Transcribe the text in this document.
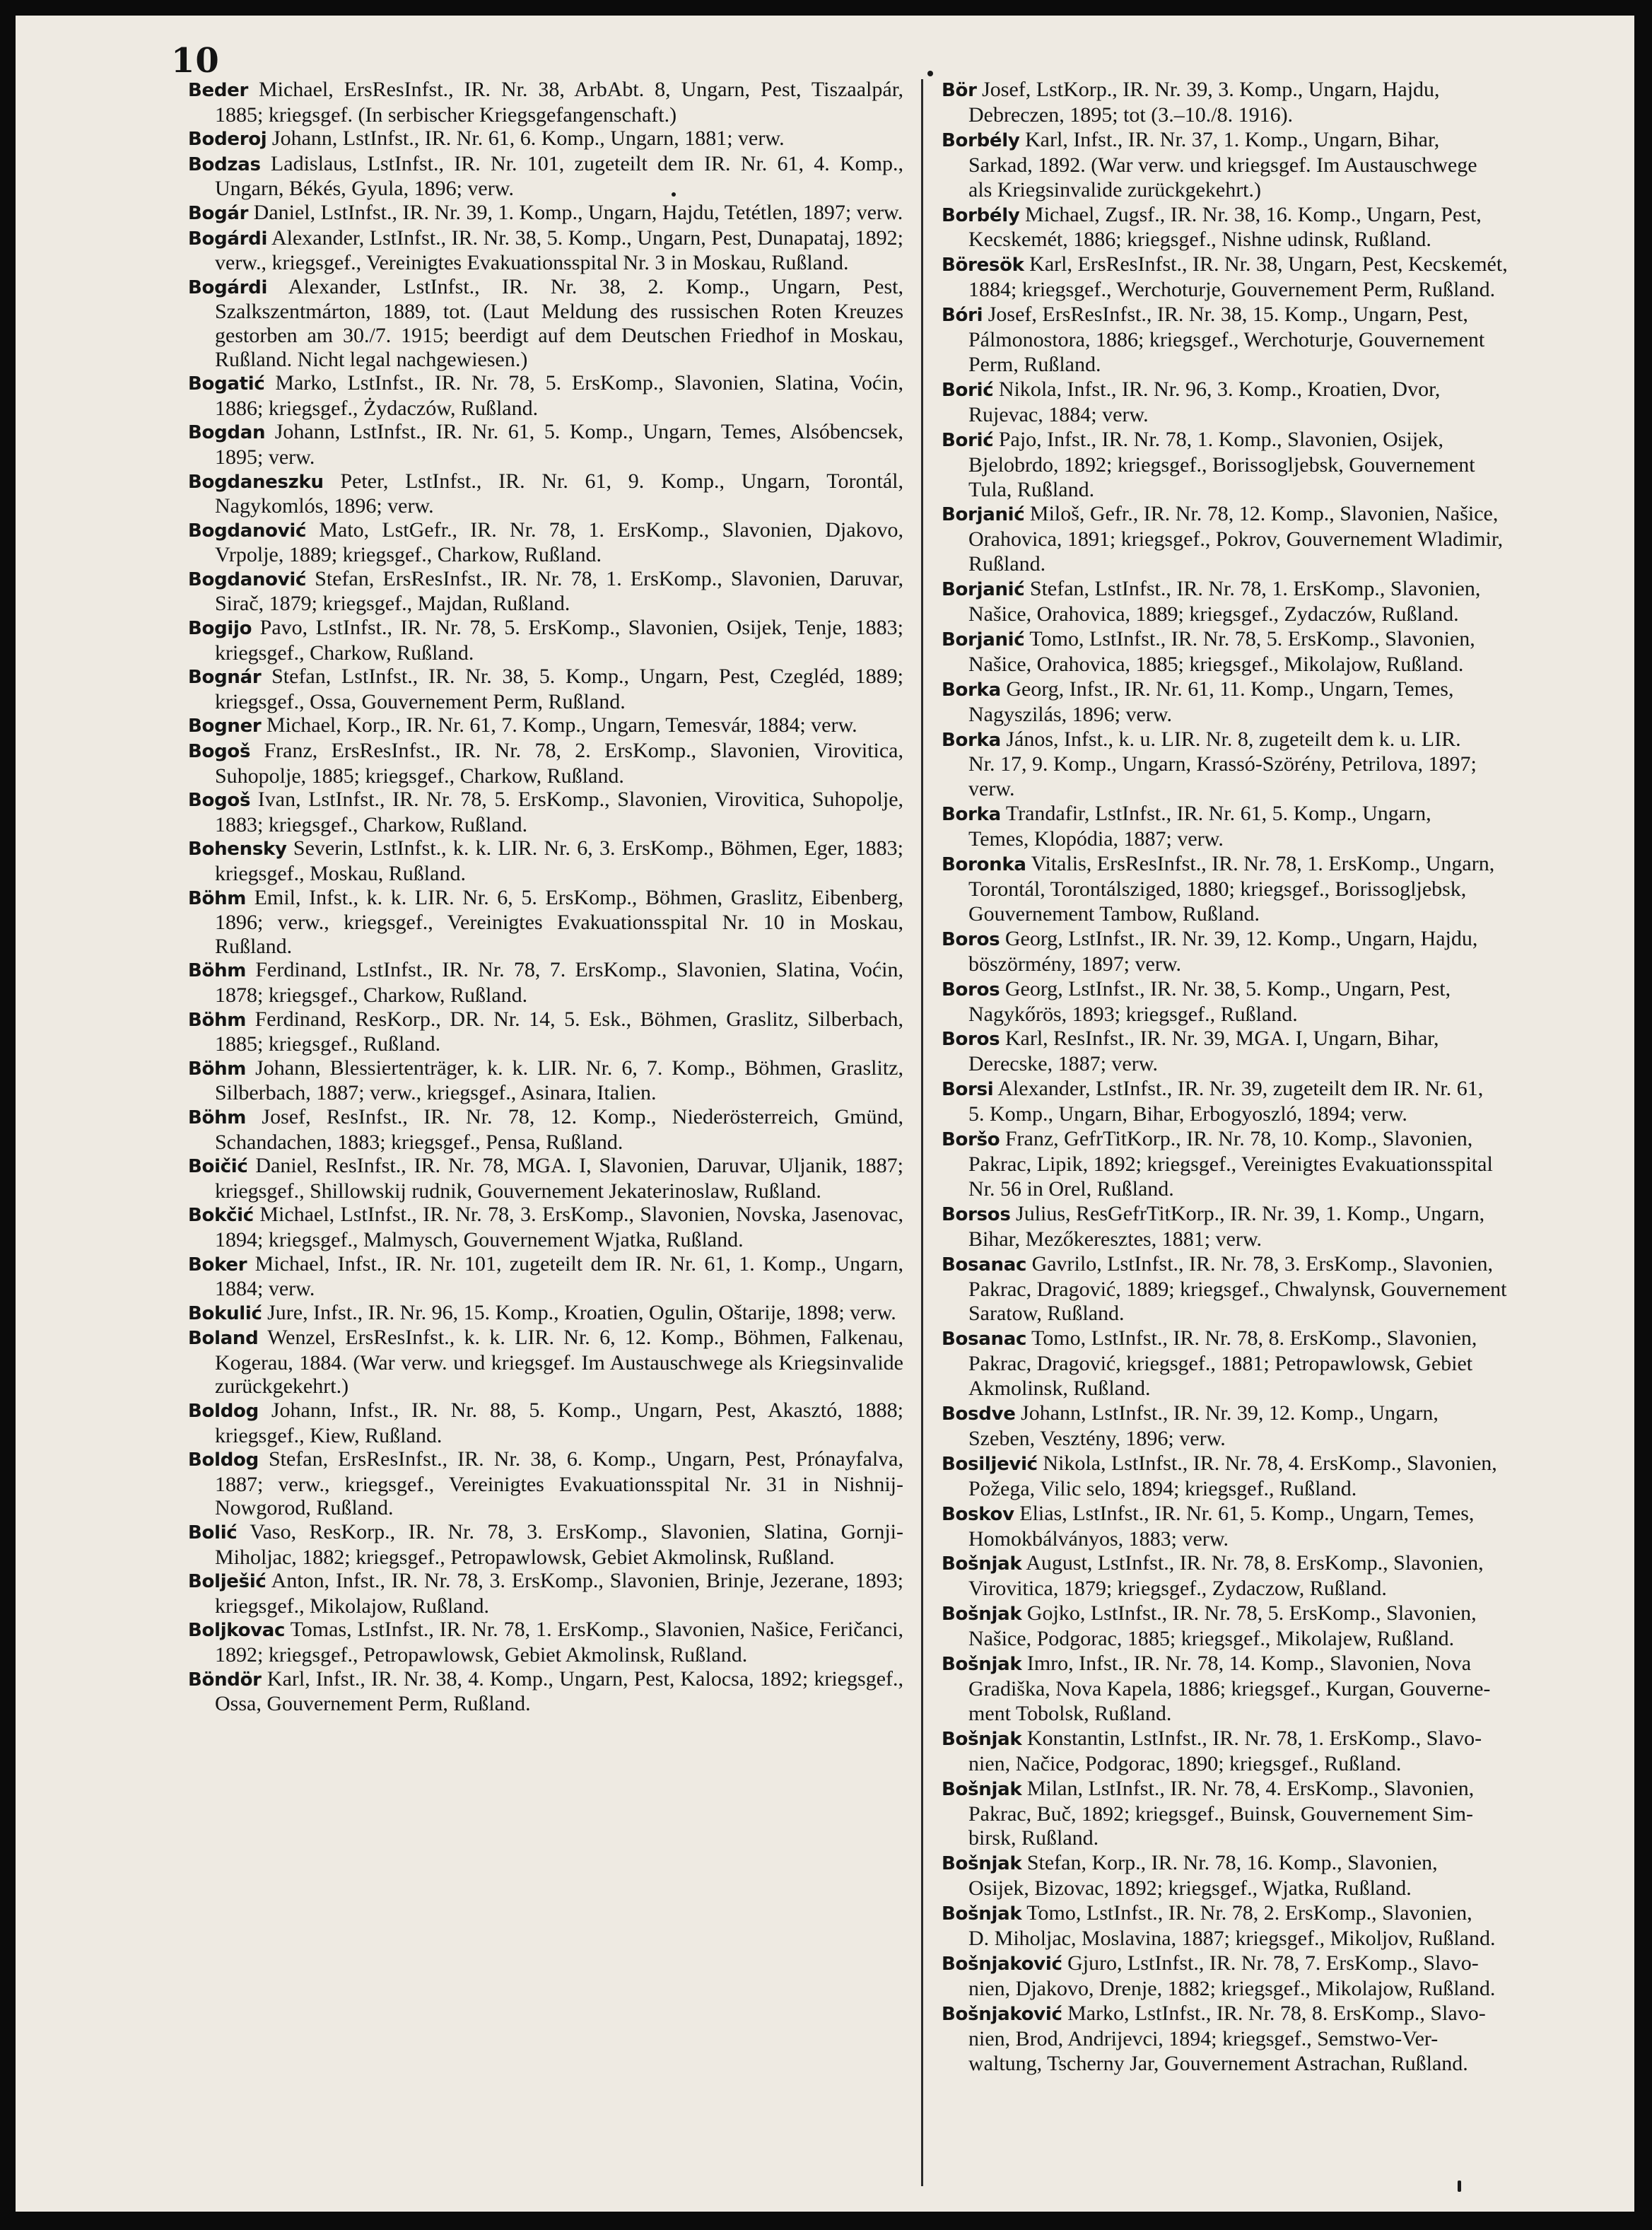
10

Beder Michael, ErsResInfst., IR. Nr. 38, ArbAbt. 8, Ungarn, Pest, Tiszaalpár, 1885; kriegsgef. (In serbischer Kriegsgefangenschaft.)

Boderoj Johann, LstInfst., IR. Nr. 61, 6. Komp., Ungarn, 1881; verw.

Bodzas Ladislaus, LstInfst., IR. Nr. 101, zugeteilt dem IR. Nr. 61, 4. Komp., Ungarn, Békés, Gyula, 1896; verw.

Bogár Daniel, LstInfst., IR. Nr. 39, 1. Komp., Ungarn, Hajdu, Tetétlen, 1897; verw.

Bogárdi Alexander, LstInfst., IR. Nr. 38, 5. Komp., Ungarn, Pest, Dunapataj, 1892; verw., kriegsgef., Vereinigtes Evakuationsspital Nr. 3 in Moskau, Rußland.

Bogárdi Alexander, LstInfst., IR. Nr. 38, 2. Komp., Ungarn, Pest, Szalkszentmárton, 1889, tot. (Laut Meldung des russischen Roten Kreuzes gestorben am 30./7. 1915; beerdigt auf dem Deutschen Friedhof in Moskau, Rußland. Nicht legal nachgewiesen.)

Bogatić Marko, LstInfst., IR. Nr. 78, 5. ErsKomp., Slavonien, Slatina, Voćin, 1886; kriegsgef., Żydaczów, Rußland.

Bogdan Johann, LstInfst., IR. Nr. 61, 5. Komp., Ungarn, Temes, Alsóbencsek, 1895; verw.

Bogdaneszku Peter, LstInfst., IR. Nr. 61, 9. Komp., Ungarn, Torontál, Nagykomlós, 1896; verw.

Bogdanović Mato, LstGefr., IR. Nr. 78, 1. ErsKomp., Slavonien, Djakovo, Vrpolje, 1889; kriegsgef., Charkow, Rußland.

Bogdanović Stefan, ErsResInfst., IR. Nr. 78, 1. ErsKomp., Slavonien, Daruvar, Sirač, 1879; kriegsgef., Majdan, Rußland.

Bogijo Pavo, LstInfst., IR. Nr. 78, 5. ErsKomp., Slavonien, Osijek, Tenje, 1883; kriegsgef., Charkow, Rußland.

Bognár Stefan, LstInfst., IR. Nr. 38, 5. Komp., Ungarn, Pest, Czegléd, 1889; kriegsgef., Ossa, Gouvernement Perm, Rußland.

Bogner Michael, Korp., IR. Nr. 61, 7. Komp., Ungarn, Temesvár, 1884; verw.

Bogoš Franz, ErsResInfst., IR. Nr. 78, 2. ErsKomp., Slavonien, Virovitica, Suhopolje, 1885; kriegsgef., Charkow, Rußland.

Bogoš Ivan, LstInfst., IR. Nr. 78, 5. ErsKomp., Slavonien, Virovitica, Suhopolje, 1883; kriegsgef., Charkow, Rußland.

Bohensky Severin, LstInfst., k. k. LIR. Nr. 6, 3. ErsKomp., Böhmen, Eger, 1883; kriegsgef., Moskau, Rußland.

Böhm Emil, Infst., k. k. LIR. Nr. 6, 5. ErsKomp., Böhmen, Graslitz, Eibenberg, 1896; verw., kriegsgef., Vereinigtes Evakuationsspital Nr. 10 in Moskau, Rußland.

Böhm Ferdinand, LstInfst., IR. Nr. 78, 7. ErsKomp., Slavonien, Slatina, Voćin, 1878; kriegsgef., Charkow, Rußland.

Böhm Ferdinand, ResKorp., DR. Nr. 14, 5. Esk., Böhmen, Graslitz, Silberbach, 1885; kriegsgef., Rußland.

Böhm Johann, Blessiertenträger, k. k. LIR. Nr. 6, 7. Komp., Böhmen, Graslitz, Silberbach, 1887; verw., kriegsgef., Asinara, Italien.

Böhm Josef, ResInfst., IR. Nr. 78, 12. Komp., Niederösterreich, Gmünd, Schandachen, 1883; kriegsgef., Pensa, Rußland.

Boičić Daniel, ResInfst., IR. Nr. 78, MGA. I, Slavonien, Daruvar, Uljanik, 1887; kriegsgef., Shillowskij rudnik, Gouvernement Jekaterinoslaw, Rußland.

Bokčić Michael, LstInfst., IR. Nr. 78, 3. ErsKomp., Slavonien, Novska, Jasenovac, 1894; kriegsgef., Malmysch, Gouvernement Wjatka, Rußland.

Boker Michael, Infst., IR. Nr. 101, zugeteilt dem IR. Nr. 61, 1. Komp., Ungarn, 1884; verw.

Bokulić Jure, Infst., IR. Nr. 96, 15. Komp., Kroatien, Ogulin, Oštarije, 1898; verw.

Boland Wenzel, ErsResInfst., k. k. LIR. Nr. 6, 12. Komp., Böhmen, Falkenau, Kogerau, 1884. (War verw. und kriegsgef. Im Austauschwege als Kriegsinvalide zurückgekehrt.)

Boldog Johann, Infst., IR. Nr. 88, 5. Komp., Ungarn, Pest, Akasztó, 1888; kriegsgef., Kiew, Rußland.

Boldog Stefan, ErsResInfst., IR. Nr. 38, 6. Komp., Ungarn, Pest, Prónayfalva, 1887; verw., kriegsgef., Vereinigtes Evakuationsspital Nr. 31 in Nishnij-Nowgorod, Rußland.

Bolić Vaso, ResKorp., IR. Nr. 78, 3. ErsKomp., Slavonien, Slatina, Gornji-Miholjac, 1882; kriegsgef., Petropawlowsk, Gebiet Akmolinsk, Rußland.

Bolješić Anton, Infst., IR. Nr. 78, 3. ErsKomp., Slavonien, Brinje, Jezerane, 1893; kriegsgef., Mikolajow, Rußland.

Boljkovac Tomas, LstInfst., IR. Nr. 78, 1. ErsKomp., Slavonien, Našice, Feričanci, 1892; kriegsgef., Petropawlowsk, Gebiet Akmolinsk, Rußland.

Böndör Karl, Infst., IR. Nr. 38, 4. Komp., Ungarn, Pest, Kalocsa, 1892; kriegsgef., Ossa, Gouvernement Perm, Rußland.

Bör Josef, LstKorp., IR. Nr. 39, 3. Komp., Ungarn, Hajdu,

Debreczen, 1895; tot (3.–10./8. 1916).

Borbély Karl, Infst., IR. Nr. 37, 1. Komp., Ungarn, Bihar,

Sarkad, 1892. (War verw. und kriegsgef. Im Austauschwege

als Kriegsinvalide zurückgekehrt.)

Borbély Michael, Zugsf., IR. Nr. 38, 16. Komp., Ungarn, Pest,

Kecskemét, 1886; kriegsgef., Nishne udinsk, Rußland.

Böresök Karl, ErsResInfst., IR. Nr. 38, Ungarn, Pest, Kecskemét,

1884; kriegsgef., Werchoturje, Gouvernement Perm, Rußland.

Bóri Josef, ErsResInfst., IR. Nr. 38, 15. Komp., Ungarn, Pest,

Pálmonostora, 1886; kriegsgef., Werchoturje, Gouvernement

Perm, Rußland.

Borić Nikola, Infst., IR. Nr. 96, 3. Komp., Kroatien, Dvor,

Rujevac, 1884; verw.

Borić Pajo, Infst., IR. Nr. 78, 1. Komp., Slavonien, Osijek,

Bjelobrdo, 1892; kriegsgef., Borissogljebsk, Gouvernement

Tula, Rußland.

Borjanić Miloš, Gefr., IR. Nr. 78, 12. Komp., Slavonien, Našice,

Orahovica, 1891; kriegsgef., Pokrov, Gouvernement Wladimir,

Rußland.

Borjanić Stefan, LstInfst., IR. Nr. 78, 1. ErsKomp., Slavonien,

Našice, Orahovica, 1889; kriegsgef., Zydaczów, Rußland.

Borjanić Tomo, LstInfst., IR. Nr. 78, 5. ErsKomp., Slavonien,

Našice, Orahovica, 1885; kriegsgef., Mikolajow, Rußland.

Borka Georg, Infst., IR. Nr. 61, 11. Komp., Ungarn, Temes,

Nagyszilás, 1896; verw.

Borka János, Infst., k. u. LIR. Nr. 8, zugeteilt dem k. u. LIR.

Nr. 17, 9. Komp., Ungarn, Krassó-Szörény, Petrilova, 1897;

verw.

Borka Trandafir, LstInfst., IR. Nr. 61, 5. Komp., Ungarn,

Temes, Klopódia, 1887; verw.

Boronka Vitalis, ErsResInfst., IR. Nr. 78, 1. ErsKomp., Ungarn,

Torontál, Torontálsziged, 1880; kriegsgef., Borissogljebsk,

Gouvernement Tambow, Rußland.

Boros Georg, LstInfst., IR. Nr. 39, 12. Komp., Ungarn, Hajdu,

böszörmény, 1897; verw.

Boros Georg, LstInfst., IR. Nr. 38, 5. Komp., Ungarn, Pest,

Nagykőrös, 1893; kriegsgef., Rußland.

Boros Karl, ResInfst., IR. Nr. 39, MGA. I, Ungarn, Bihar,

Derecske, 1887; verw.

Borsi Alexander, LstInfst., IR. Nr. 39, zugeteilt dem IR. Nr. 61,

5. Komp., Ungarn, Bihar, Erbogyoszló, 1894; verw.

Boršo Franz, GefrTitKorp., IR. Nr. 78, 10. Komp., Slavonien,

Pakrac, Lipik, 1892; kriegsgef., Vereinigtes Evakuationsspital

Nr. 56 in Orel, Rußland.

Borsos Julius, ResGefrTitKorp., IR. Nr. 39, 1. Komp., Ungarn,

Bihar, Mezőkeresztes, 1881; verw.

Bosanac Gavrilo, LstInfst., IR. Nr. 78, 3. ErsKomp., Slavonien,

Pakrac, Dragović, 1889; kriegsgef., Chwalynsk, Gouvernement

Saratow, Rußland.

Bosanac Tomo, LstInfst., IR. Nr. 78, 8. ErsKomp., Slavonien,

Pakrac, Dragović, kriegsgef., 1881; Petropawlowsk, Gebiet

Akmolinsk, Rußland.

Bosdve Johann, LstInfst., IR. Nr. 39, 12. Komp., Ungarn,

Szeben, Vesztény, 1896; verw.

Bosiljević Nikola, LstInfst., IR. Nr. 78, 4. ErsKomp., Slavonien,

Požega, Vilic selo, 1894; kriegsgef., Rußland.

Boskov Elias, LstInfst., IR. Nr. 61, 5. Komp., Ungarn, Temes,

Homokbálványos, 1883; verw.

Bošnjak August, LstInfst., IR. Nr. 78, 8. ErsKomp., Slavonien,

Virovitica, 1879; kriegsgef., Zydaczow, Rußland.

Bošnjak Gojko, LstInfst., IR. Nr. 78, 5. ErsKomp., Slavonien,

Našice, Podgorac, 1885; kriegsgef., Mikolajew, Rußland.

Bošnjak Imro, Infst., IR. Nr. 78, 14. Komp., Slavonien, Nova

Gradiška, Nova Kapela, 1886; kriegsgef., Kurgan, Gouverne-

ment Tobolsk, Rußland.

Bošnjak Konstantin, LstInfst., IR. Nr. 78, 1. ErsKomp., Slavo-

nien, Načice, Podgorac, 1890; kriegsgef., Rußland.

Bošnjak Milan, LstInfst., IR. Nr. 78, 4. ErsKomp., Slavonien,

Pakrac, Buč, 1892; kriegsgef., Buinsk, Gouvernement Sim-

birsk, Rußland.

Bošnjak Stefan, Korp., IR. Nr. 78, 16. Komp., Slavonien,

Osijek, Bizovac, 1892; kriegsgef., Wjatka, Rußland.

Bošnjak Tomo, LstInfst., IR. Nr. 78, 2. ErsKomp., Slavonien,

D. Miholjac, Moslavina, 1887; kriegsgef., Mikoljov, Rußland.

Bošnjaković Gjuro, LstInfst., IR. Nr. 78, 7. ErsKomp., Slavo-

nien, Djakovo, Drenje, 1882; kriegsgef., Mikolajow, Rußland.

Bošnjaković Marko, LstInfst., IR. Nr. 78, 8. ErsKomp., Slavo-

nien, Brod, Andrijevci, 1894; kriegsgef., Semstwo-Ver-

waltung, Tscherny Jar, Gouvernement Astrachan, Rußland.
